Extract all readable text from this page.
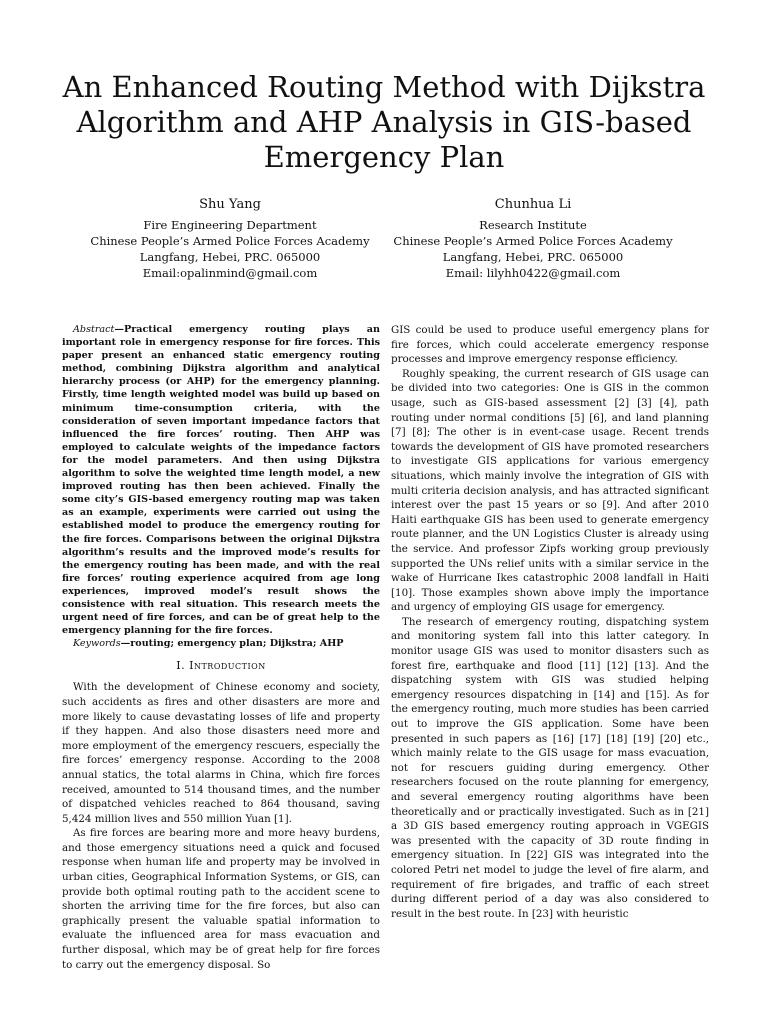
An Enhanced Routing Method with Dijkstra Algorithm and AHP Analysis in GIS-based Emergency Plan
Shu Yang
Fire Engineering Department
Chinese People’s Armed Police Forces Academy
Langfang, Hebei, PRC. 065000
Email:opalinmind@gmail.com
Chunhua Li
Research Institute
Chinese People’s Armed Police Forces Academy
Langfang, Hebei, PRC. 065000
Email: lilyhh0422@gmail.com

Abstract—Practical emergency routing plays an important role in emergency response for fire forces. This paper present an enhanced static emergency routing method, combining Dijkstra algorithm and analytical hierarchy process (or AHP) for the emergency planning. Firstly, time length weighted model was build up based on minimum time-consumption criteria, with the consideration of seven important impedance factors that influenced the fire forces’ routing. Then AHP was employed to calculate weights of the impedance factors for the model parameters. And then using Dijkstra algorithm to solve the weighted time length model, a new improved routing has then been achieved. Finally the some city’s GIS-based emergency routing map was taken as an example, experiments were carried out using the established model to produce the emergency routing for the fire forces. Comparisons between the original Dijkstra algorithm’s results and the improved mode’s results for the emergency routing has been made, and with the real fire forces’ routing experience acquired from age long experiences, improved model’s result shows the consistence with real situation. This research meets the urgent need of fire forces, and can be of great help to the emergency planning for the fire forces.

Keywords—routing; emergency plan; Dijkstra; AHP

I. Introduction

With the development of Chinese economy and society, such accidents as fires and other disasters are more and more likely to cause devastating losses of life and property if they happen. And also those disasters need more and more employment of the emergency rescuers, especially the fire forces’ emergency response. According to the 2008 annual statics, the total alarms in China, which fire forces received, amounted to 514 thousand times, and the number of dispatched vehicles reached to 864 thousand, saving 5,424 million lives and 550 million Yuan [1].

As fire forces are bearing more and more heavy burdens, and those emergency situations need a quick and focused response when human life and property may be involved in urban cities, Geographical Information Systems, or GIS, can provide both optimal routing path to the accident scene to shorten the arriving time for the fire forces, but also can graphically present the valuable spatial information to evaluate the influenced area for mass evacuation and further disposal, which may be of great help for fire forces to carry out the emergency disposal. So

GIS could be used to produce useful emergency plans for fire forces, which could accelerate emergency response processes and improve emergency response efficiency.

Roughly speaking, the current research of GIS usage can be divided into two categories: One is GIS in the common usage, such as GIS-based assessment [2] [3] [4], path routing under normal conditions [5] [6], and land planning [7] [8]; The other is in event-case usage. Recent trends towards the development of GIS have promoted researchers to investigate GIS applications for various emergency situations, which mainly involve the integration of GIS with multi criteria decision analysis, and has attracted significant interest over the past 15 years or so [9]. And after 2010 Haiti earthquake GIS has been used to generate emergency route planner, and the UN Logistics Cluster is already using the service. And professor Zipfs working group previously supported the UNs relief units with a similar service in the wake of Hurricane Ikes catastrophic 2008 landfall in Haiti [10]. Those examples shown above imply the importance and urgency of employing GIS usage for emergency.

The research of emergency routing, dispatching system and monitoring system fall into this latter category. In monitor usage GIS was used to monitor disasters such as forest fire, earthquake and flood [11] [12] [13]. And the dispatching system with GIS was studied helping emergency resources dispatching in [14] and [15]. As for the emergency routing, much more studies has been carried out to improve the GIS application. Some have been presented in such papers as [16] [17] [18] [19] [20] etc., which mainly relate to the GIS usage for mass evacuation, not for rescuers guiding during emergency. Other researchers focused on the route planning for emergency, and several emergency routing algorithms have been theoretically and or practically investigated. Such as in [21] a 3D GIS based emergency routing approach in VGEGIS was presented with the capacity of 3D route finding in emergency situation. In [22] GIS was integrated into the colored Petri net model to judge the level of fire alarm, and requirement of fire brigades, and traffic of each street during different period of a day was also considered to result in the best route. In [23] with heuristic
